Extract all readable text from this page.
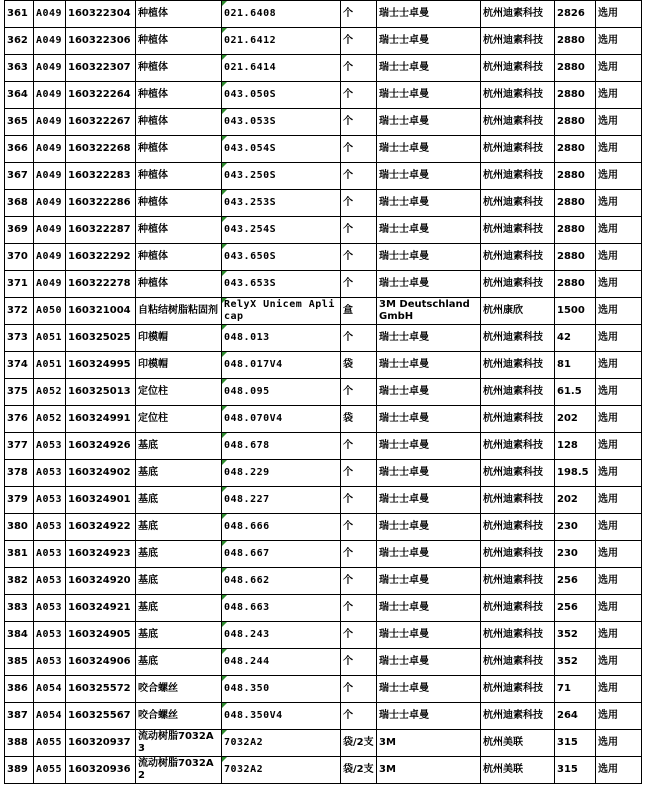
361	A049	160322304	种植体	021.6408	个	瑞士士卓曼	杭州迪素科技	2826	选用
362	A049	160322306	种植体	021.6412	个	瑞士士卓曼	杭州迪素科技	2880	选用
363	A049	160322307	种植体	021.6414	个	瑞士士卓曼	杭州迪素科技	2880	选用
364	A049	160322264	种植体	043.050S	个	瑞士士卓曼	杭州迪素科技	2880	选用
365	A049	160322267	种植体	043.053S	个	瑞士士卓曼	杭州迪素科技	2880	选用
366	A049	160322268	种植体	043.054S	个	瑞士士卓曼	杭州迪素科技	2880	选用
367	A049	160322283	种植体	043.250S	个	瑞士士卓曼	杭州迪素科技	2880	选用
368	A049	160322286	种植体	043.253S	个	瑞士士卓曼	杭州迪素科技	2880	选用
369	A049	160322287	种植体	043.254S	个	瑞士士卓曼	杭州迪素科技	2880	选用
370	A049	160322292	种植体	043.650S	个	瑞士士卓曼	杭州迪素科技	2880	选用
371	A049	160322278	种植体	043.653S	个	瑞士士卓曼	杭州迪素科技	2880	选用
372	A050	160321004	自粘结树脂粘固剂	RelyX Unicem Aplicap	盒	3M Deutschland GmbH	杭州康欣	1500	选用
373	A051	160325025	印模帽	048.013	个	瑞士士卓曼	杭州迪素科技	42	选用
374	A051	160324995	印模帽	048.017V4	袋	瑞士士卓曼	杭州迪素科技	81	选用
375	A052	160325013	定位柱	048.095	个	瑞士士卓曼	杭州迪素科技	61.5	选用
376	A052	160324991	定位柱	048.070V4	袋	瑞士士卓曼	杭州迪素科技	202	选用
377	A053	160324926	基底	048.678	个	瑞士士卓曼	杭州迪素科技	128	选用
378	A053	160324902	基底	048.229	个	瑞士士卓曼	杭州迪素科技	198.5	选用
379	A053	160324901	基底	048.227	个	瑞士士卓曼	杭州迪素科技	202	选用
380	A053	160324922	基底	048.666	个	瑞士士卓曼	杭州迪素科技	230	选用
381	A053	160324923	基底	048.667	个	瑞士士卓曼	杭州迪素科技	230	选用
382	A053	160324920	基底	048.662	个	瑞士士卓曼	杭州迪素科技	256	选用
383	A053	160324921	基底	048.663	个	瑞士士卓曼	杭州迪素科技	256	选用
384	A053	160324905	基底	048.243	个	瑞士士卓曼	杭州迪素科技	352	选用
385	A053	160324906	基底	048.244	个	瑞士士卓曼	杭州迪素科技	352	选用
386	A054	160325572	咬合螺丝	048.350	个	瑞士士卓曼	杭州迪素科技	71	选用
387	A054	160325567	咬合螺丝	048.350V4	个	瑞士士卓曼	杭州迪素科技	264	选用
388	A055	160320937	流动树脂7032A3	7032A2	袋/2支	3M	杭州美联	315	选用
389	A055	160320936	流动树脂7032A2	7032A2	袋/2支	3M	杭州美联	315	选用
